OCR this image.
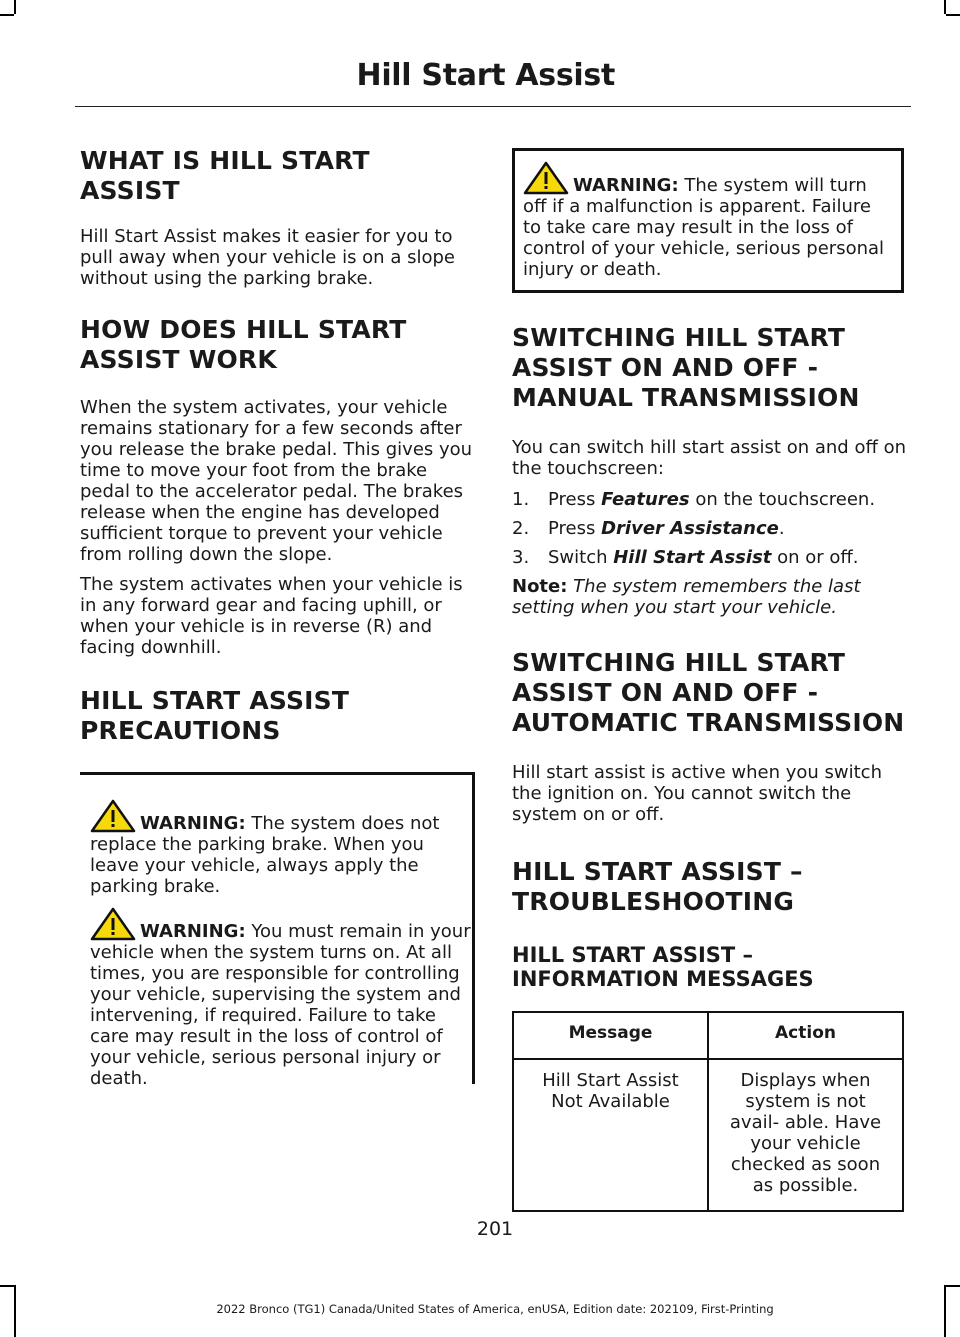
Hill Start Assist
WHAT IS HILL START ASSIST

Hill Start Assist makes it easier for you to pull away when your vehicle is on a slope without using the parking brake.

HOW DOES HILL START
ASSIST WORK

When the system activates, your vehicle remains stationary for a few seconds after you release the brake pedal. This gives you time to move your foot from the brake pedal to the accelerator pedal. The brakes release when the engine has developed sufficient torque to prevent your vehicle from rolling down the slope.

The system activates when your vehicle is in any forward gear and facing uphill, or when your vehicle is in reverse (R) and facing downhill.

HILL START ASSIST
PRECAUTIONS
WARNING: The system does not replace the parking brake. When you leave your vehicle, always apply the parking brake.
WARNING: You must remain in your vehicle when the system turns on. At all times, you are responsible for controlling your vehicle, supervising the system and intervening, if required. Failure to take care may result in the loss of control of your vehicle, serious personal injury or death.
WARNING: The system will turn off if a malfunction is apparent. Failure to take care may result in the loss of control of your vehicle, serious personal injury or death.
SWITCHING HILL START
ASSIST ON AND OFF -
MANUAL TRANSMISSION

You can switch hill start assist on and off on the touchscreen:

1. Press Features on the touchscreen.
2. Press Driver Assistance.
3. Switch Hill Start Assist on or off.

Note: The system remembers the last setting when you start your vehicle.

SWITCHING HILL START
ASSIST ON AND OFF -
AUTOMATIC TRANSMISSION

Hill start assist is active when you switch the ignition on. You cannot switch the system on or off.

HILL START ASSIST –
TROUBLESHOOTING
HILL START ASSIST –
INFORMATION MESSAGES
Message	Action
Hill Start Assist Not Available	Displays when system is not avail- able. Have your vehicle checked as soon as possible.
201
2022 Bronco (TG1) Canada/United States of America, enUSA, Edition date: 202109, First-Printing
